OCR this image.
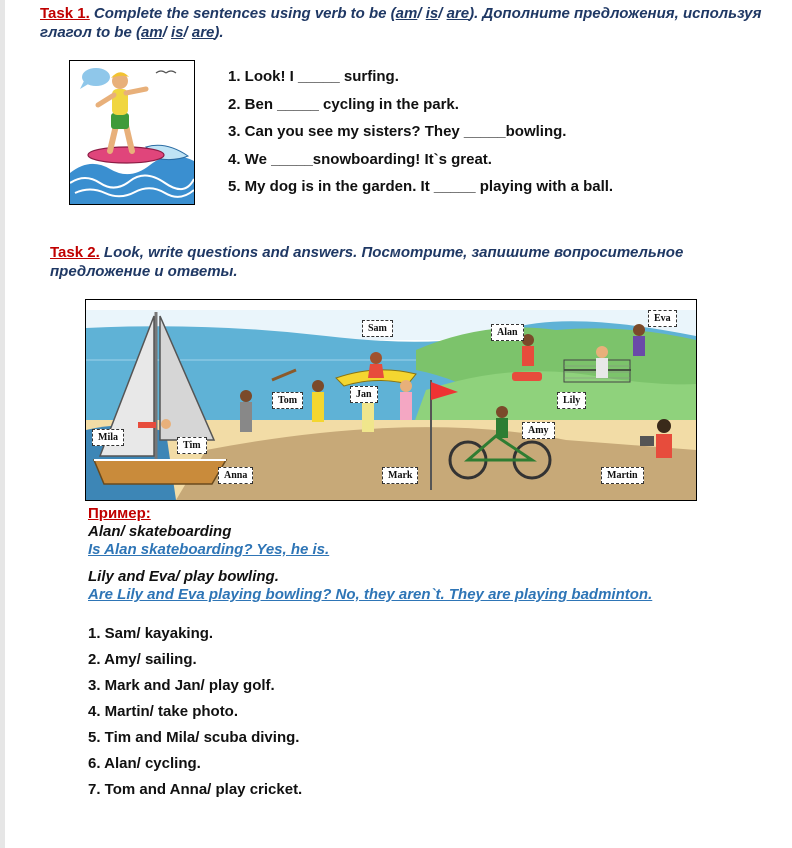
Task 1. Complete the sentences using verb to be (am/ is/ are). Дополните предложения, используя глагол to be (am/ is/ are).
1. Look! I _____ surfing.
2. Ben _____ cycling in the park.
3. Can you see my sisters? They _____bowling.
4. We _____snowboarding! It`s great.
5. My dog is in the garden. It _____ playing with a ball.
Task 2. Look, write questions and answers. Посмотрите, запишите вопросительное предложение и ответы.
Sam	Alan
Eva
Tom
Jan
Lily
Amy
Mila
Tim
Anna	Mark	Martin
Пример:
Alan/ skateboarding
Is Alan skateboarding? Yes, he is.
Lily and Eva/ play bowling.
Are Lily and Eva playing bowling? No, they aren`t. They are playing badminton.
1. Sam/ kayaking.
2. Amy/ sailing.
3. Mark and Jan/ play golf.
4. Martin/ take photo.
5. Tim and Mila/ scuba diving.
6. Alan/ cycling.
7. Tom and Anna/ play cricket.
